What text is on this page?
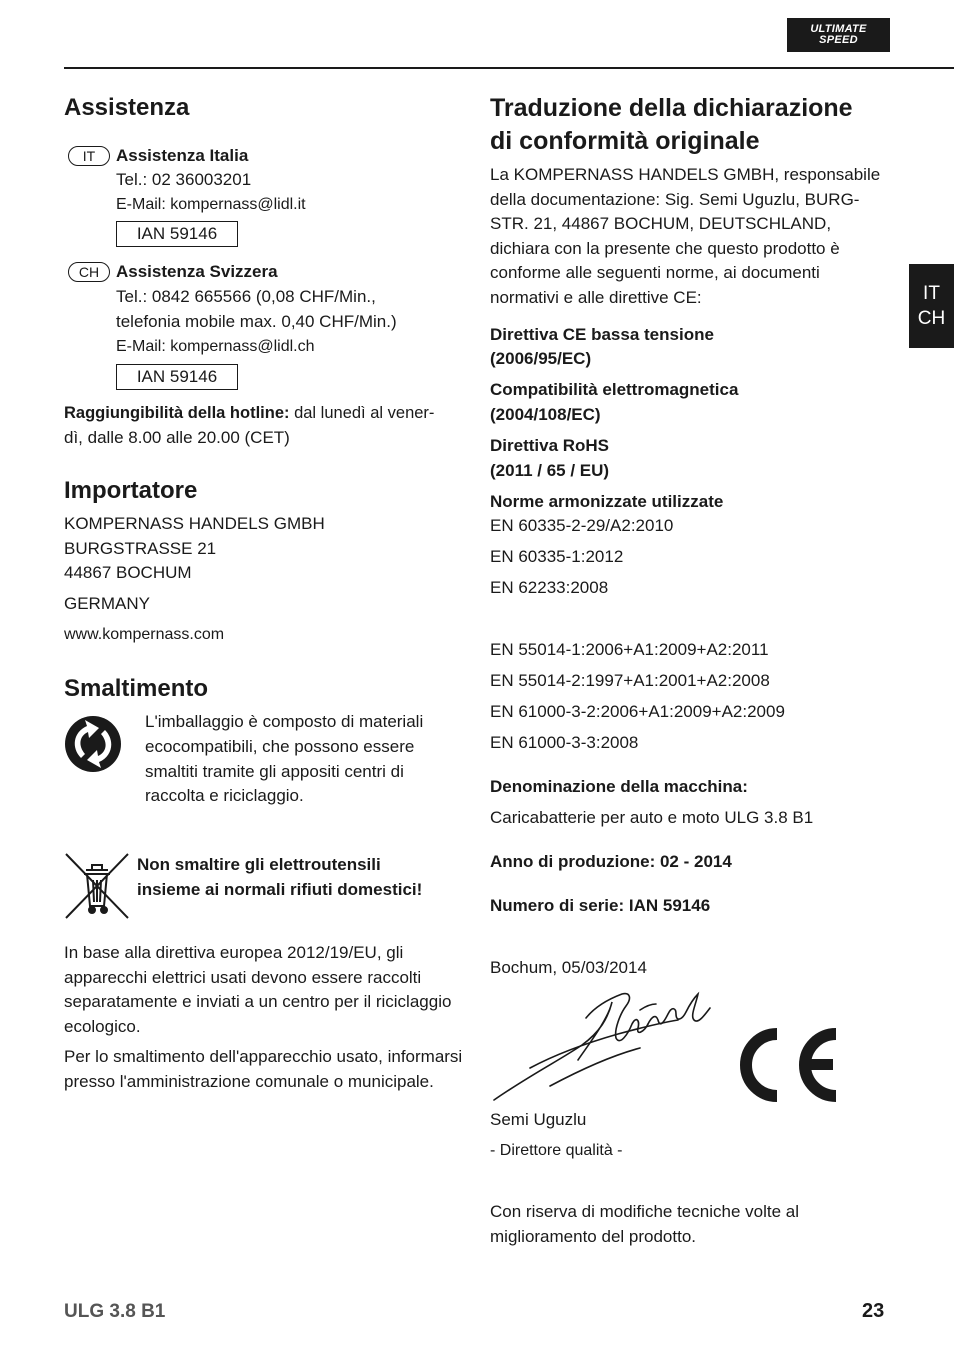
ULTIMATE
SPEED
IT
CH
Assistenza
IT	Assistenza Italia
Tel.: 02 36003201
E-Mail: kompernass@lidl.it
IAN 59146
CH Assistenza Svizzera
Tel.: 0842 665566 (0,08 CHF/Min.,
telefonia mobile max. 0,40 CHF/Min.)
E-Mail: kompernass@lidl.ch
IAN 59146
Raggiungibilità della hotline: dal lunedì al vener-
dì, dalle 8.00 alle 20.00 (CET)
Importatore
KOMPERNASS HANDELS GMBH
BURGSTRASSE 21
44867 BOCHUM
GERMANY
www.kompernass.com
Smaltimento
L'imballaggio è composto di materiali
ecocompatibili, che possono essere
smaltiti tramite gli appositi centri di
raccolta e riciclaggio.
Non smaltire gli elettroutensili
insieme ai normali rifiuti domestici!
In base alla direttiva europea 2012/19/EU, gli
apparecchi elettrici usati devono essere raccolti
separatamente e inviati a un centro per il riciclaggio
ecologico.
Per lo smaltimento dell'apparecchio usato, informarsi
presso l'amministrazione comunale o municipale.
Traduzione della dichiarazione
di conformità originale
La KOMPERNASS HANDELS GMBH, responsabile
della documentazione: Sig. Semi Uguzlu, BURG-
STR. 21, 44867 BOCHUM, DEUTSCHLAND,
dichiara con la presente che questo prodotto è
conforme alle seguenti norme, ai documenti
normativi e alle direttive CE:
Direttiva CE bassa tensione
(2006/95/EC)
Compatibilità elettromagnetica
(2004/108/EC)
Direttiva RoHS
(2011 / 65 / EU)
Norme armonizzate utilizzate
EN 60335-2-29/A2:2010
EN 60335-1:2012
EN 62233:2008
EN 55014-1:2006+A1:2009+A2:2011
EN 55014-2:1997+A1:2001+A2:2008
EN 61000-3-2:2006+A1:2009+A2:2009
EN 61000-3-3:2008
Denominazione della macchina:
Caricabatterie per auto e moto ULG 3.8 B1
Anno di produzione: 02 - 2014
Numero di serie: IAN 59146
Bochum, 05/03/2014
Semi Uguzlu
- Direttore qualità -
Con riserva di modifiche tecniche volte al
miglioramento del prodotto.
ULG 3.8 B1	23
